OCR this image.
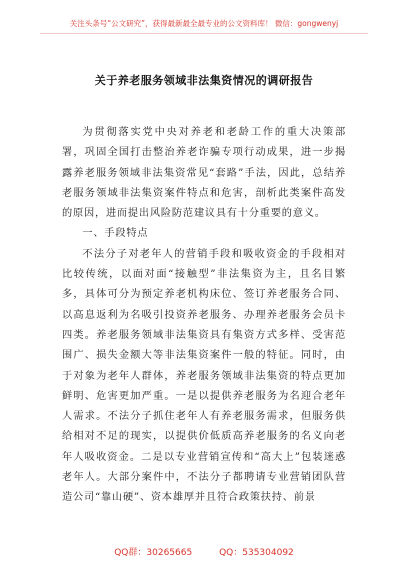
关注头条号“公文研究”，获得最新最全最专业的公文资料库！ 微信：gongwenyj
关于养老服务领域非法集资情况的调研报告

为贯彻落实党中央对养老和老龄工作的重大决策部署，巩固全国打击整治养老诈骗专项行动成果，进一步揭露养老服务领域非法集资常见“套路”手法，因此，总结养老服务领域非法集资案件特点和危害，剖析此类案件高发的原因，进而提出风险防范建议具有十分重要的意义。

一、手段特点

不法分子对老年人的营销手段和吸收资金的手段相对比较传统，以面对面“接触型”非法集资为主，且名目繁多，具体可分为预定养老机构床位、签订养老服务合同、以高息返利为名吸引投资养老服务、办理养老服务会员卡四类。养老服务领域非法集资具有集资方式多样、受害范围广、损失金额大等非法集资案件一般的特征。同时，由于对象为老年人群体，养老服务领域非法集资的特点更加鲜明、危害更加严重。一是以提供养老服务为名迎合老年人需求。不法分子抓住老年人有养老服务需求，但服务供给相对不足的现实，以提供价低质高养老服务的名义向老年人吸收资金。二是以专业营销宣传和“高大上”包装迷惑老年人。大部分案件中，不法分子都聘请专业营销团队营造公司“靠山硬”、资本雄厚并且符合政策扶持、前景

QQ群：30265665	QQ：535304092
